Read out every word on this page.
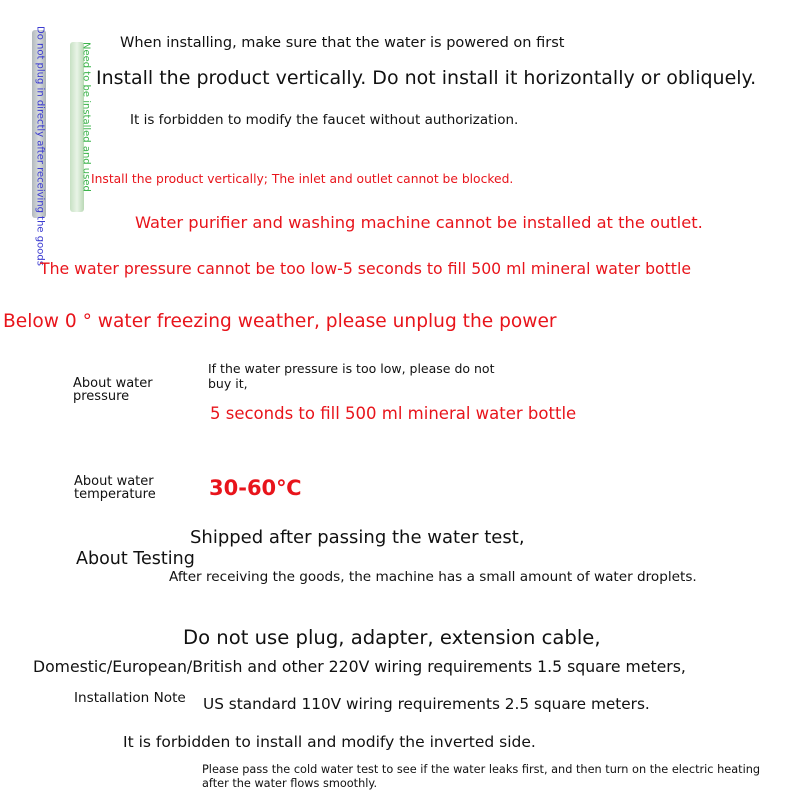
Do not plug in directly after receiving the goods	Need to be installed and used When installing, make sure that the water is powered on first
Install the product vertically. Do not install it horizontally or obliquely.
It is forbidden to modify the faucet without authorization.
Install the product vertically; The inlet and outlet cannot be blocked.
Water purifier and washing machine cannot be installed at the outlet.
The water pressure cannot be too low-5 seconds to fill 500 ml mineral water bottle
Below 0 ° water freezing weather, please unplug the power
About water
pressure
If the water pressure is too low, please do not
buy it,
5 seconds to fill 500 ml mineral water bottle
About water
temperature	30-60℃
Shipped after passing the water test,
About Testing
After receiving the goods, the machine has a small amount of water droplets.
Do not use plug, adapter, extension cable,
Domestic/European/British and other 220V wiring requirements 1.5 square meters,
Installation Note US standard 110V wiring requirements 2.5 square meters.
It is forbidden to install and modify the inverted side.
Please pass the cold water test to see if the water leaks first, and then turn on the electric heating
after the water flows smoothly.
